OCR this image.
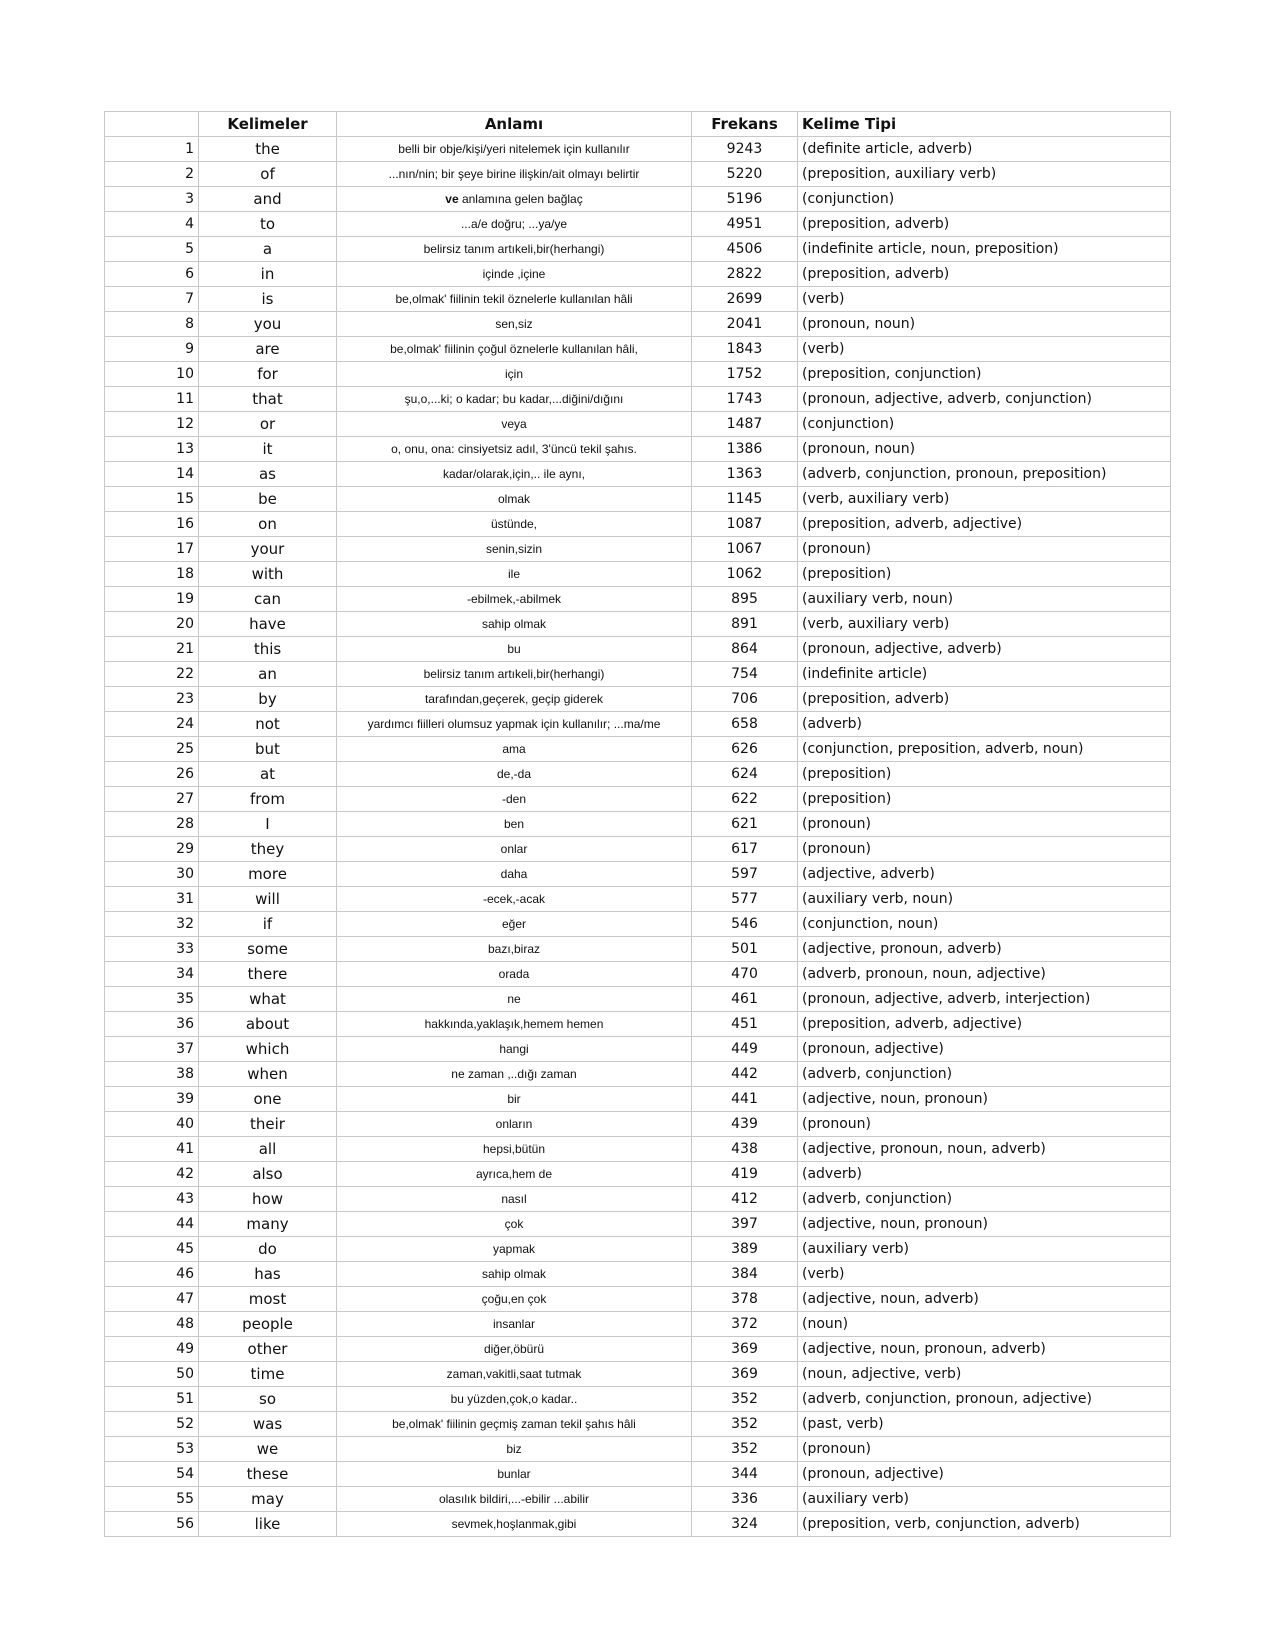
	Kelimeler	Anlamı	Frekans	Kelime Tipi
1	the	belli bir obje/kişi/yeri nitelemek için kullanılır	9243	(definite article, adverb)
2	of	...nın/nin; bir şeye birine ilişkin/ait olmayı belirtir	5220	(preposition, auxiliary verb)
3	and	ve anlamına gelen bağlaç	5196	(conjunction)
4	to	...a/e doğru; ...ya/ye	4951	(preposition, adverb)
5	a	belirsiz tanım artıkeli,bir(herhangi)	4506	(indefinite article, noun, preposition)
6	in	içinde ,içine	2822	(preposition, adverb)
7	is	be,olmak' fiilinin tekil öznelerle kullanılan hâli	2699	(verb)
8	you	sen,siz	2041	(pronoun, noun)
9	are	be,olmak' fiilinin çoğul öznelerle kullanılan hâli,	1843	(verb)
10	for	için	1752	(preposition, conjunction)
11	that	şu,o,...ki; o kadar; bu kadar,...diğini/dığını	1743	(pronoun, adjective, adverb, conjunction)
12	or	veya	1487	(conjunction)
13	it	o, onu, ona: cinsiyetsiz adıl, 3'üncü tekil şahıs.	1386	(pronoun, noun)
14	as	kadar/olarak,için,.. ile aynı,	1363	(adverb, conjunction, pronoun, preposition)
15	be	olmak	1145	(verb, auxiliary verb)
16	on	üstünde,	1087	(preposition, adverb, adjective)
17	your	senin,sizin	1067	(pronoun)
18	with	ile	1062	(preposition)
19	can	-ebilmek,-abilmek	895	(auxiliary verb, noun)
20	have	sahip olmak	891	(verb, auxiliary verb)
21	this	bu	864	(pronoun, adjective, adverb)
22	an	belirsiz tanım artıkeli,bir(herhangi)	754	(indefinite article)
23	by	tarafından,geçerek, geçip giderek	706	(preposition, adverb)
24	not	yardımcı fiilleri olumsuz yapmak için kullanılır; ...ma/me	658	(adverb)
25	but	ama	626	(conjunction, preposition, adverb, noun)
26	at	de,-da	624	(preposition)
27	from	-den	622	(preposition)
28	I	ben	621	(pronoun)
29	they	onlar	617	(pronoun)
30	more	daha	597	(adjective, adverb)
31	will	-ecek,-acak	577	(auxiliary verb, noun)
32	if	eğer	546	(conjunction, noun)
33	some	bazı,biraz	501	(adjective, pronoun, adverb)
34	there	orada	470	(adverb, pronoun, noun, adjective)
35	what	ne	461	(pronoun, adjective, adverb, interjection)
36	about	hakkında,yaklaşık,hemem hemen	451	(preposition, adverb, adjective)
37	which	hangi	449	(pronoun, adjective)
38	when	ne zaman ,..dığı zaman	442	(adverb, conjunction)
39	one	bir	441	(adjective, noun, pronoun)
40	their	onların	439	(pronoun)
41	all	hepsi,bütün	438	(adjective, pronoun, noun, adverb)
42	also	ayrıca,hem de	419	(adverb)
43	how	nasıl	412	(adverb, conjunction)
44	many	çok	397	(adjective, noun, pronoun)
45	do	yapmak	389	(auxiliary verb)
46	has	sahip olmak	384	(verb)
47	most	çoğu,en çok	378	(adjective, noun, adverb)
48	people	insanlar	372	(noun)
49	other	diğer,öbürü	369	(adjective, noun, pronoun, adverb)
50	time	zaman,vakitli,saat tutmak	369	(noun, adjective, verb)
51	so	bu yüzden,çok,o kadar..	352	(adverb, conjunction, pronoun, adjective)
52	was	be,olmak' fiilinin geçmiş zaman tekil şahıs hâli	352	(past, verb)
53	we	biz	352	(pronoun)
54	these	bunlar	344	(pronoun, adjective)
55	may	olasılık bildiri,...-ebilir ...abilir	336	(auxiliary verb)
56	like	sevmek,hoşlanmak,gibi	324	(preposition, verb, conjunction, adverb)
